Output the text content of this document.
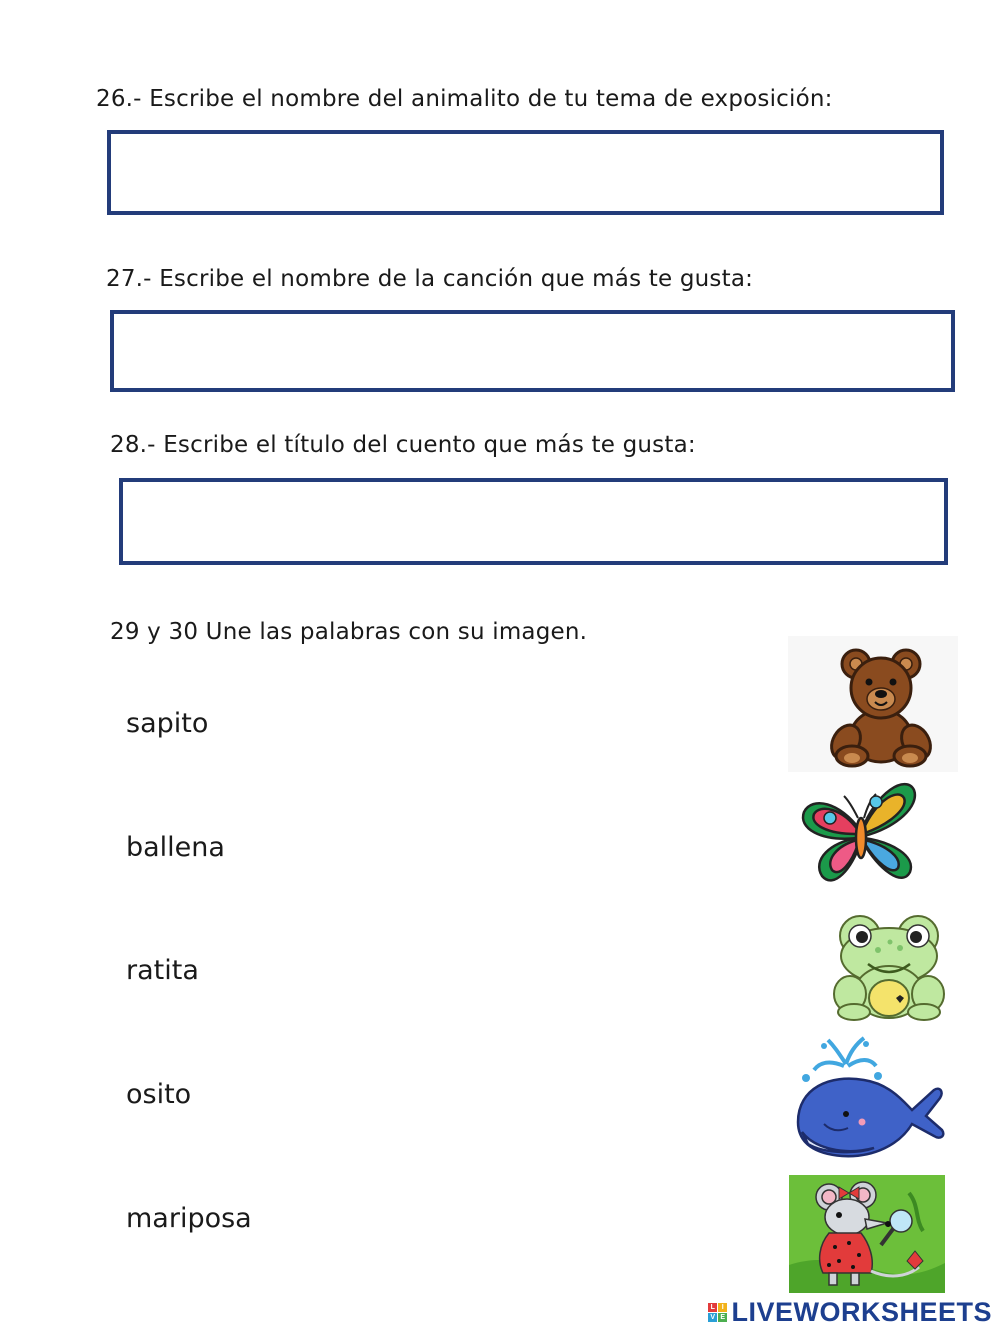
26.- Escribe el nombre del animalito de tu tema de exposición:
27.- Escribe el nombre de la canción que más te gusta:
28.- Escribe el título del cuento que más te gusta:
29 y 30 Une las palabras con su imagen.
sapito
ballena
ratita
osito
mariposa
L I
V E LIVEWORKSHEETS
